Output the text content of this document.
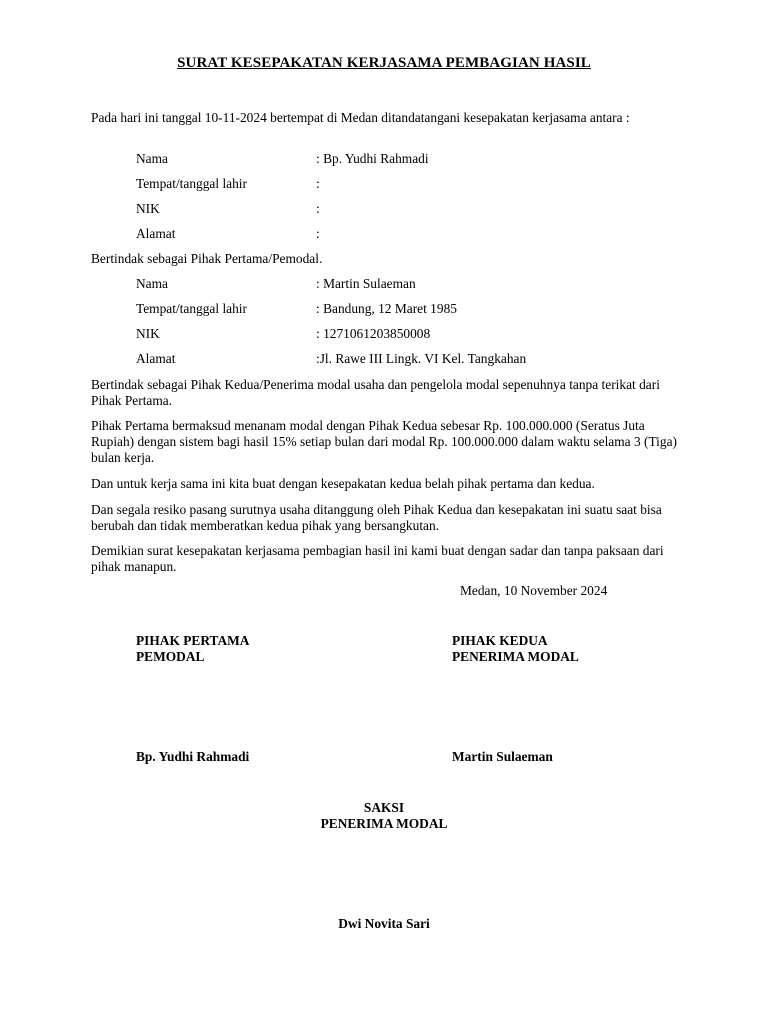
SURAT KESEPAKATAN KERJASAMA PEMBAGIAN HASIL
Pada hari ini tanggal 10-11-2024 bertempat di Medan ditandatangani kesepakatan kerjasama antara :
Nama	: Bp. Yudhi Rahmadi
Tempat/tanggal lahir	:
NIK	:
Alamat	:
Bertindak sebagai Pihak Pertama/Pemodal.
Nama	: Martin Sulaeman
Tempat/tanggal lahir	: Bandung, 12 Maret 1985
NIK	: 1271061203850008
Alamat	:Jl. Rawe III Lingk. VI Kel. Tangkahan
Bertindak sebagai Pihak Kedua/Penerima modal usaha dan pengelola modal sepenuhnya tanpa terikat dari Pihak Pertama.
Pihak Pertama bermaksud menanam modal dengan Pihak Kedua sebesar Rp. 100.000.000 (Seratus Juta Rupiah) dengan sistem bagi hasil 15% setiap bulan dari modal Rp. 100.000.000 dalam waktu selama 3 (Tiga) bulan kerja.
Dan untuk kerja sama ini kita buat dengan kesepakatan kedua belah pihak pertama dan kedua.
Dan segala resiko pasang surutnya usaha ditanggung oleh Pihak Kedua dan kesepakatan ini suatu saat bisa berubah dan tidak memberatkan kedua pihak yang bersangkutan.
Demikian surat kesepakatan kerjasama pembagian hasil ini kami buat dengan sadar dan tanpa paksaan dari pihak manapun.
Medan, 10 November 2024
PIHAK PERTAMA
PEMODAL
PIHAK KEDUA
PENERIMA MODAL
Bp. Yudhi Rahmadi	Martin Sulaeman
SAKSI
PENERIMA MODAL
Dwi Novita Sari
